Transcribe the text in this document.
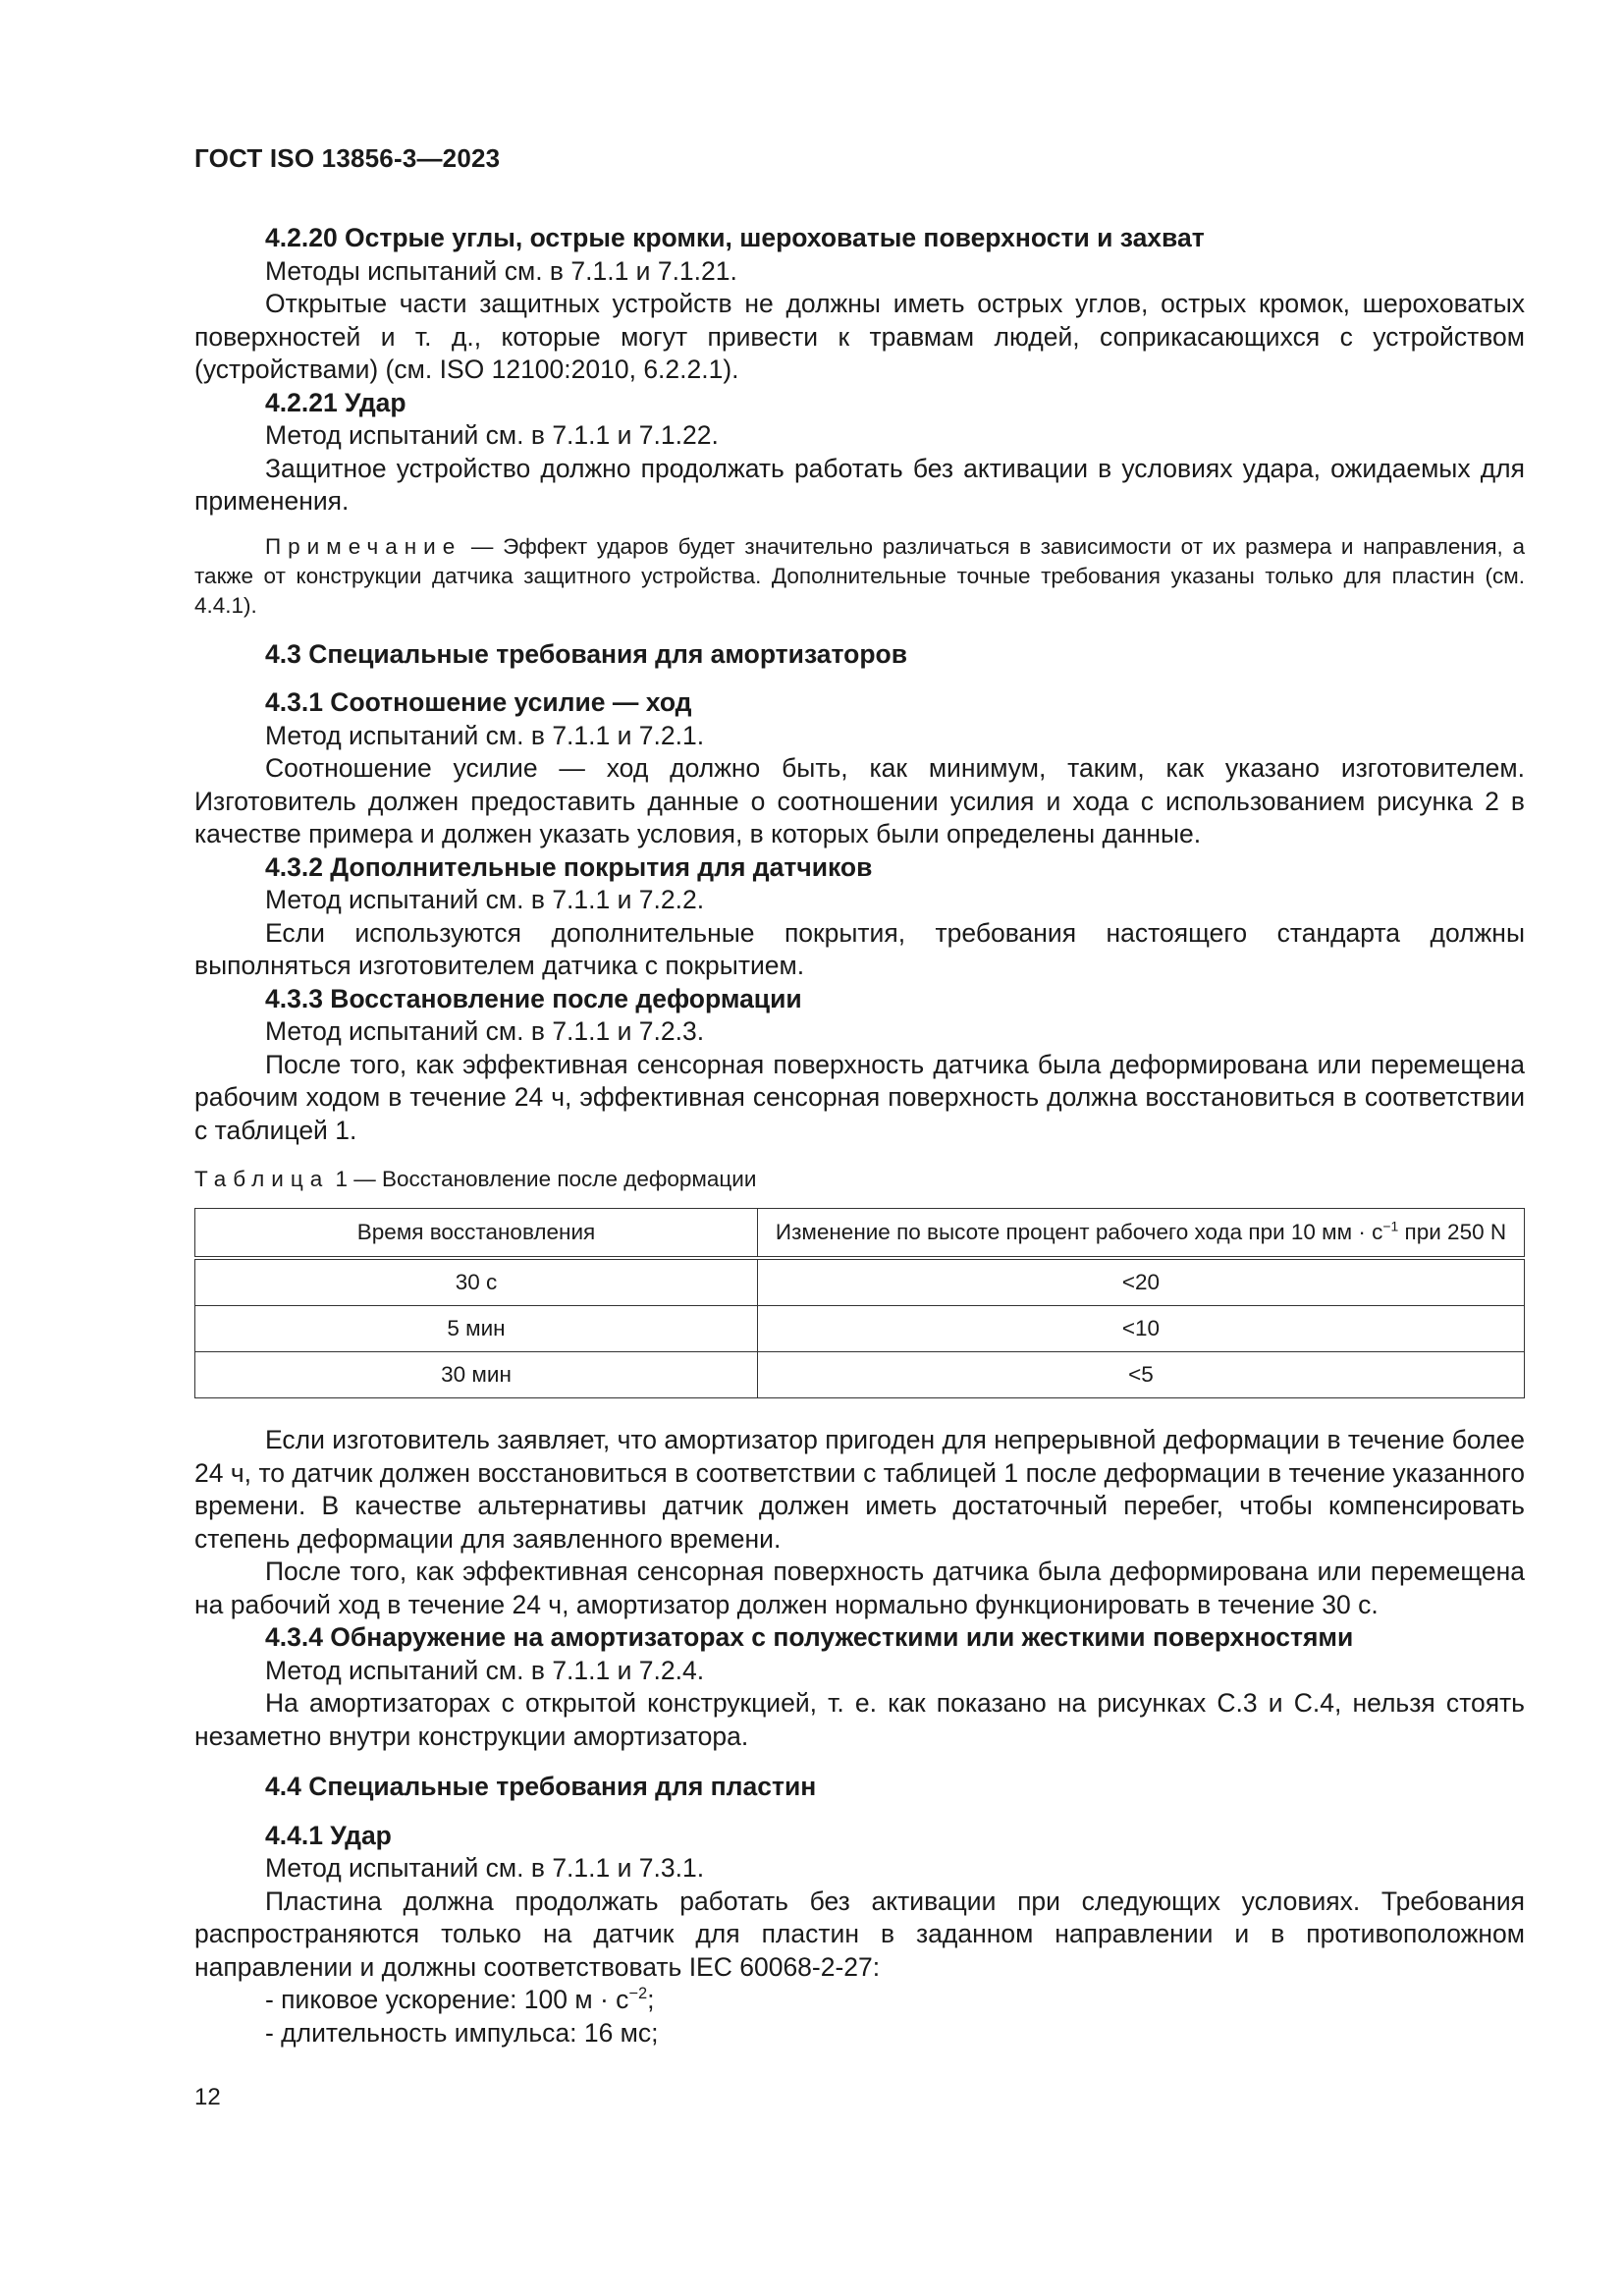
ГОСТ ISO 13856-3—2023

4.2.20 Острые углы, острые кромки, шероховатые поверхности и захват

Методы испытаний см. в 7.1.1 и 7.1.21.

Открытые части защитных устройств не должны иметь острых углов, острых кромок, шероховатых поверхностей и т. д., которые могут привести к травмам людей, соприкасающихся с устройством (устройствами) (см. ISO 12100:2010, 6.2.2.1).

4.2.21 Удар

Метод испытаний см. в 7.1.1 и 7.1.22.

Защитное устройство должно продолжать работать без активации в условиях удара, ожидаемых для применения.

Примечание — Эффект ударов будет значительно различаться в зависимости от их размера и направления, а также от конструкции датчика защитного устройства. Дополнительные точные требования указаны только для пластин (см. 4.4.1).

4.3 Специальные требования для амортизаторов

4.3.1 Соотношение усилие — ход

Метод испытаний см. в 7.1.1 и 7.2.1.

Соотношение усилие — ход должно быть, как минимум, таким, как указано изготовителем. Изготовитель должен предоставить данные о соотношении усилия и хода с использованием рисунка 2 в качестве примера и должен указать условия, в которых были определены данные.

4.3.2 Дополнительные покрытия для датчиков

Метод испытаний см. в 7.1.1 и 7.2.2.

Если используются дополнительные покрытия, требования настоящего стандарта должны выполняться изготовителем датчика с покрытием.

4.3.3 Восстановление после деформации

Метод испытаний см. в 7.1.1 и 7.2.3.

После того, как эффективная сенсорная поверхность датчика была деформирована или перемещена рабочим ходом в течение 24 ч, эффективная сенсорная поверхность должна восстановиться в соответствии с таблицей 1.

Таблица 1 — Восстановление после деформации

Время восстановления	Изменение по высоте процент рабочего хода при 10 мм · $с^{-1}$ при 250 N
30 с	<20
5 мин	<10
30 мин	<5

Если изготовитель заявляет, что амортизатор пригоден для непрерывной деформации в течение более 24 ч, то датчик должен восстановиться в соответствии с таблицей 1 после деформации в течение указанного времени. В качестве альтернативы датчик должен иметь достаточный перебег, чтобы компенсировать степень деформации для заявленного времени.

После того, как эффективная сенсорная поверхность датчика была деформирована или перемещена на рабочий ход в течение 24 ч, амортизатор должен нормально функционировать в течение 30 с.

4.3.4 Обнаружение на амортизаторах с полужесткими или жесткими поверхностями

Метод испытаний см. в 7.1.1 и 7.2.4.

На амортизаторах с открытой конструкцией, т. е. как показано на рисунках С.3 и С.4, нельзя стоять незаметно внутри конструкции амортизатора.

4.4 Специальные требования для пластин

4.4.1 Удар

Метод испытаний см. в 7.1.1 и 7.3.1.

Пластина должна продолжать работать без активации при следующих условиях. Требования распространяются только на датчик для пластин в заданном направлении и в противоположном направлении и должны соответствовать IEC 60068-2-27:

- пиковое ускорение: 100 $м \cdot с^{-2}$;

- длительность импульса: 16 мс;

12
